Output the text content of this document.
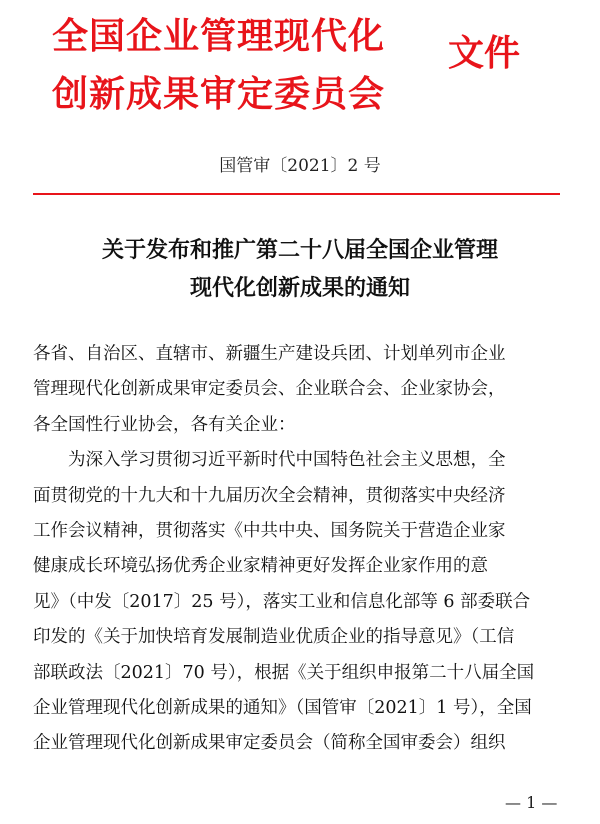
全国企业管理现代化
创新成果审定委员会
文件
国管审〔2021〕2 号
关于发布和推广第二十八届全国企业管理
现代化创新成果的通知
各省、自治区、直辖市、新疆生产建设兵团、计划单列市企业
管理现代化创新成果审定委员会、企业联合会、企业家协会，
各全国性行业协会，各有关企业：
　　为深入学习贯彻习近平新时代中国特色社会主义思想，全
面贯彻党的十九大和十九届历次全会精神，贯彻落实中央经济
工作会议精神，贯彻落实《中共中央、国务院关于营造企业家
健康成长环境弘扬优秀企业家精神更好发挥企业家作用的意
见》（中发〔2017〕25 号），落实工业和信息化部等 6 部委联合
印发的《关于加快培育发展制造业优质企业的指导意见》（工信
部联政法〔2021〕70 号），根据《关于组织申报第二十八届全国
企业管理现代化创新成果的通知》（国管审〔2021〕1 号），全国
企业管理现代化创新成果审定委员会（简称全国审委会）组织
— 1 —
